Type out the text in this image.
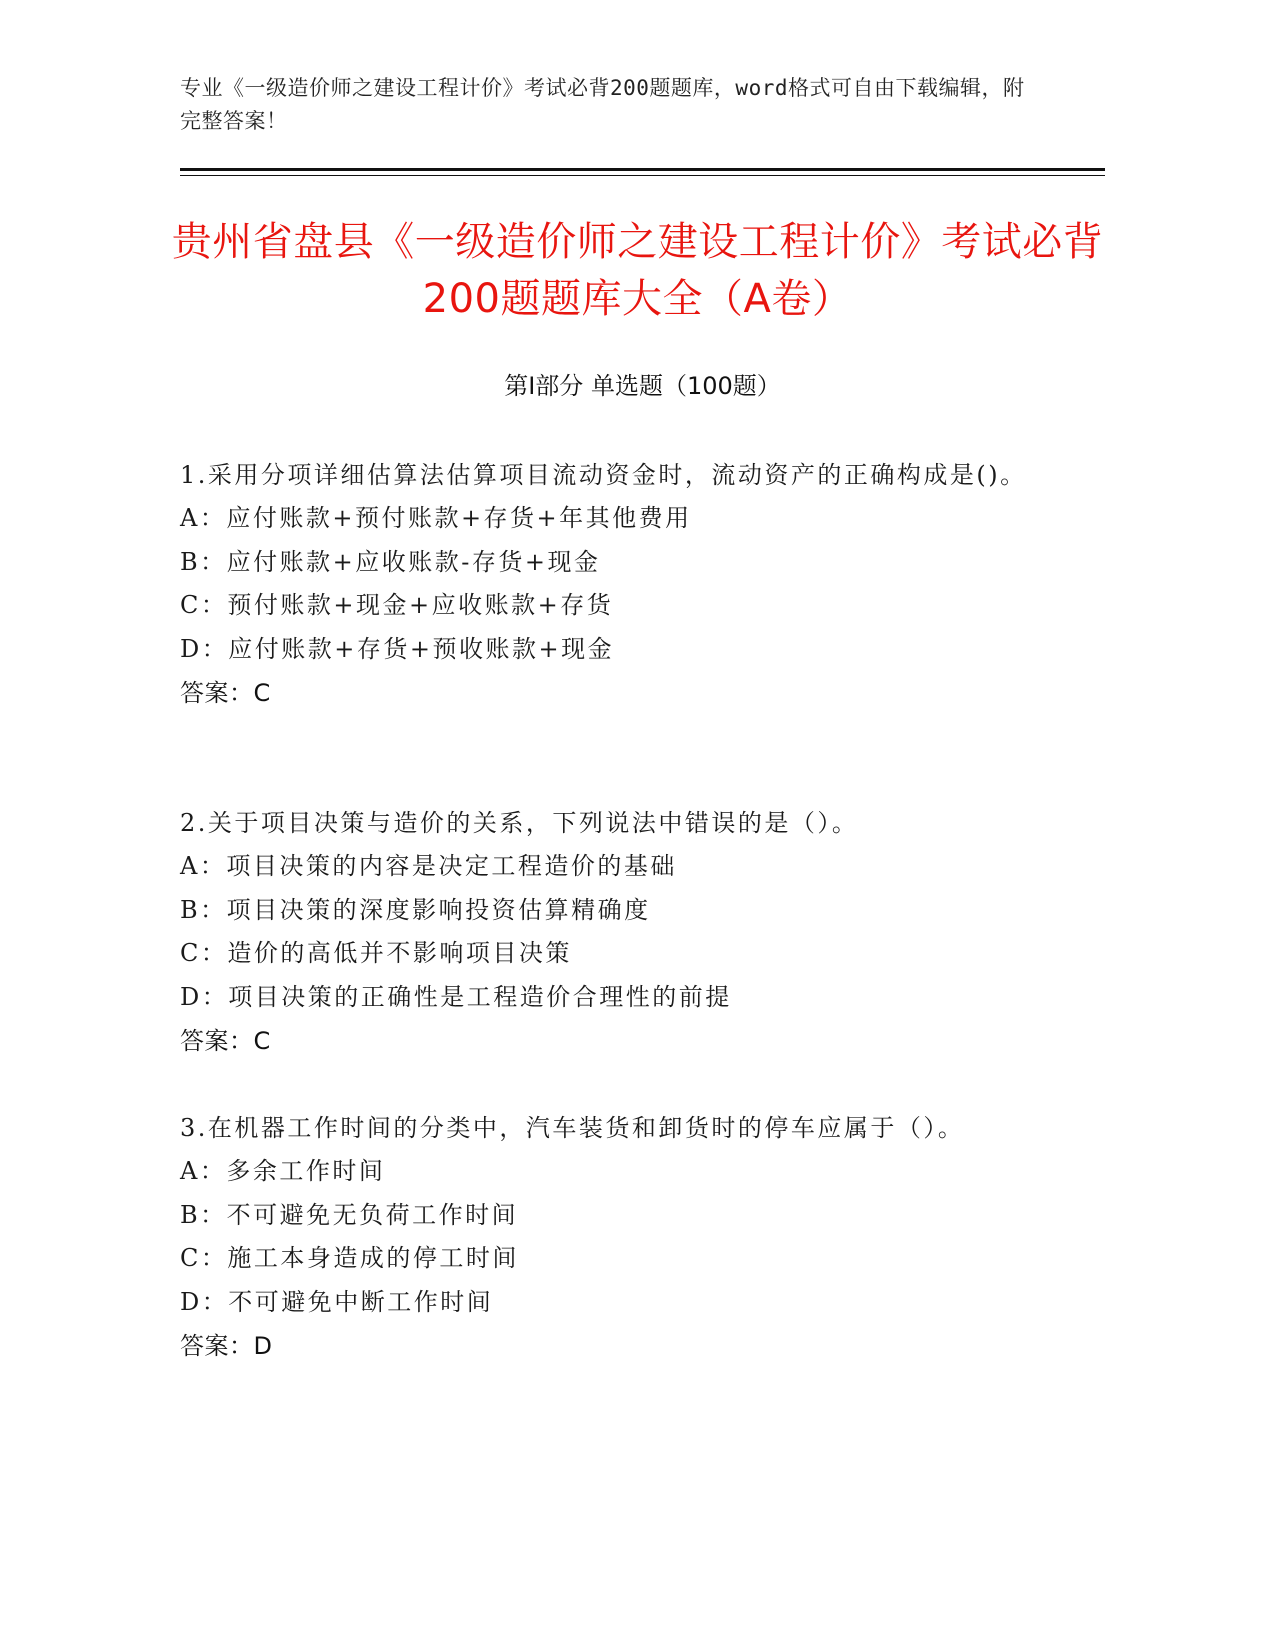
专业《一级造价师之建设工程计价》考试必背200题题库，word格式可自由下载编辑，附完整答案！
贵州省盘县《一级造价师之建设工程计价》考试必背200题题库大全（A卷）
第Ⅰ部分 单选题（100题）
1.采用分项详细估算法估算项目流动资金时，流动资产的正确构成是()。
A：应付账款+预付账款+存货+年其他费用
B：应付账款+应收账款-存货+现金
C：预付账款+现金+应收账款+存货
D：应付账款+存货+预收账款+现金
答案：C
2.关于项目决策与造价的关系，下列说法中错误的是（）。
A：项目决策的内容是决定工程造价的基础
B：项目决策的深度影响投资估算精确度
C：造价的高低并不影响项目决策
D：项目决策的正确性是工程造价合理性的前提
答案：C
3.在机器工作时间的分类中，汽车装货和卸货时的停车应属于（）。
A：多余工作时间
B：不可避免无负荷工作时间
C：施工本身造成的停工时间
D：不可避免中断工作时间
答案：D
